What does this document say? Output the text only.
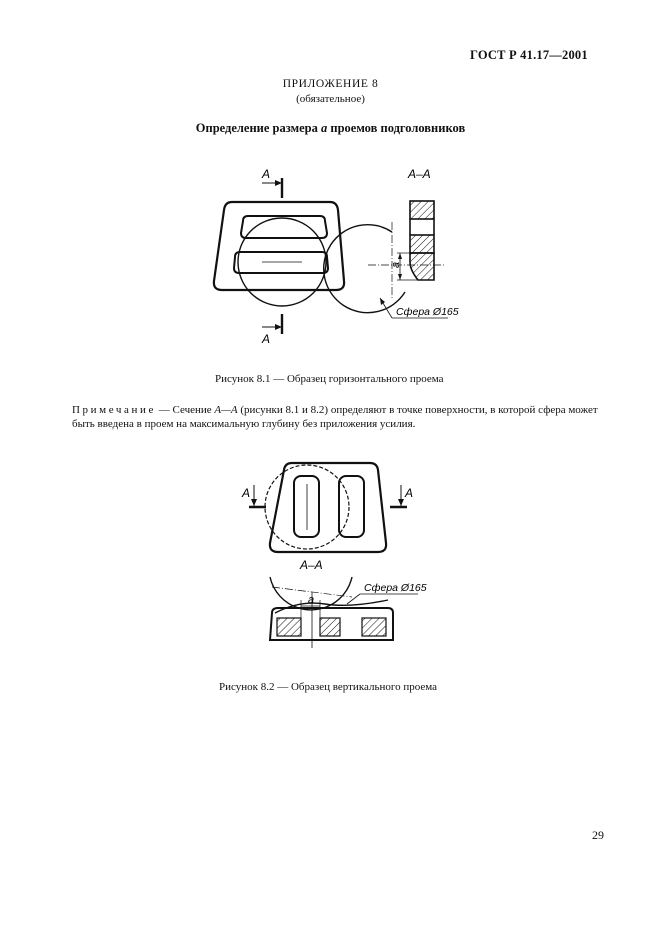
ГОСТ Р 41.17—2001
ПРИЛОЖЕНИЕ 8
(обязательное)
Определение размера a проемов подголовников
A
A
A–A
a
Сфера Ø165
Рисунок 8.1 — Образец горизонтального проема
Примечание — Сечение A—A (рисунки 8.1 и 8.2) определяют в точке поверхности, в которой сфера может быть введена в проем на максимальную глубину без приложения усилия.
A	A
A–A
a
Сфера Ø165
Рисунок 8.2 — Образец вертикального проема
29
